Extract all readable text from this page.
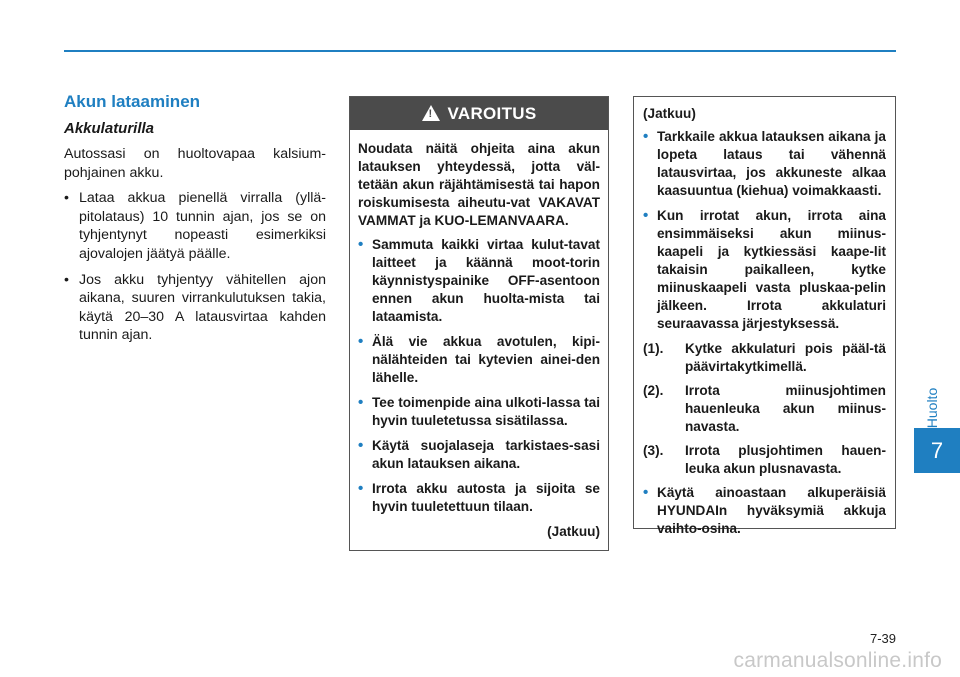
Akun lataaminen
Akkulaturilla

Autossasi on huoltovapaa kalsium-pohjainen akku.

• Lataa akkua pienellä virralla (yllä-pitolataus) 10 tunnin ajan, jos se on tyhjentynyt nopeasti esimerkiksi ajovalojen jäätyä päälle.
• Jos akku tyhjentyy vähitellen ajon aikana, suuren virrankulutuksen takia, käytä 20–30 A latausvirtaa kahden tunnin ajan.
!
VAROITUS

Noudata näitä ohjeita aina akun latauksen yhteydessä, jotta väl-tetään akun räjähtämisestä tai hapon roiskumisesta aiheutu-vat VAKAVAT VAMMAT ja KUO-LEMANVAARA.

• Sammuta kaikki virtaa kulut-tavat laitteet ja käännä moot-torin käynnistyspainike OFF-asentoon ennen akun huolta-mista tai lataamista.
• Älä vie akkua avotulen, kipi-nälähteiden tai kytevien ainei-den lähelle.
• Tee toimenpide aina ulkoti-lassa tai hyvin tuuletetussa sisätilassa.
• Käytä suojalaseja tarkistaes-sasi akun latauksen aikana.
• Irrota akku autosta ja sijoita se hyvin tuuletettuun tilaan.

(Jatkuu)

(Jatkuu)

• Tarkkaile akkua latauksen aikana ja lopeta lataus tai vähennä latausvirtaa, jos akkuneste alkaa kaasuuntua (kiehua) voimakkaasti.
• Kun irrotat akun, irrota aina ensimmäiseksi akun miinus-kaapeli ja kytkiessäsi kaape-lit takaisin paikalleen, kytke miinuskaapeli vasta pluskaa-pelin jälkeen. Irrota akkulaturi seuraavassa järjestyksessä.
(1). Kytke akkulaturi pois pääl-tä päävirtakytkimellä.
(2). Irrota miinusjohtimen hauenleuka akun miinus-navasta.
(3). Irrota plusjohtimen hauen-leuka akun plusnavasta.
• Käytä ainoastaan alkuperäisiä HYUNDAIn hyväksymiä akkuja vaihto-osina.
Huolto
7
7-39
carmanualsonline.info
